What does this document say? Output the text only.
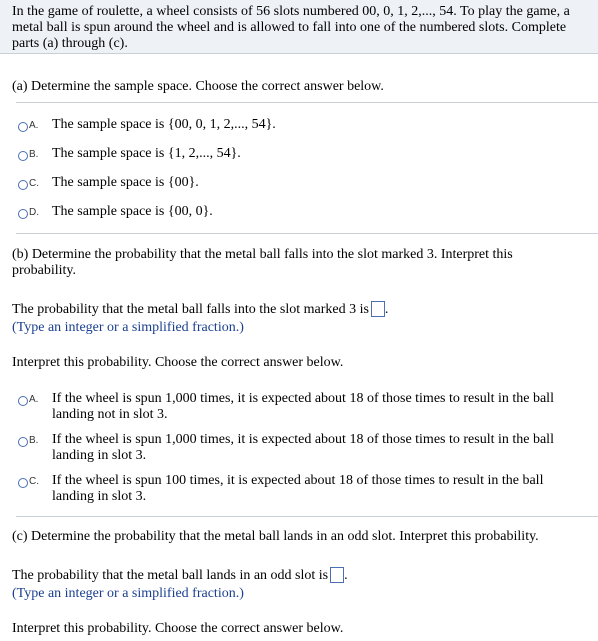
In the game of roulette, a wheel consists of 56 slots numbered 00, 0, 1, 2,..., 54. To play the game, a metal ball is spun around the wheel and is allowed to fall into one of the numbered slots. Complete parts (a) through (c).
(a) Determine the sample space. Choose the correct answer below.
A. The sample space is {00, 0, 1, 2,..., 54}.
B. The sample space is {1, 2,..., 54}.
C. The sample space is {00}.
D. The sample space is {00, 0}.
(b) Determine the probability that the metal ball falls into the slot marked 3. Interpret this probability.
The probability that the metal ball falls into the slot marked 3 is .
(Type an integer or a simplified fraction.)
Interpret this probability. Choose the correct answer below.
A. If the wheel is spun 1,000 times, it is expected about 18 of those times to result in the ball landing not in slot 3.
B. If the wheel is spun 1,000 times, it is expected about 18 of those times to result in the ball landing in slot 3.
C. If the wheel is spun 100 times, it is expected about 18 of those times to result in the ball landing in slot 3.
(c) Determine the probability that the metal ball lands in an odd slot. Interpret this probability.
The probability that the metal ball lands in an odd slot is .
(Type an integer or a simplified fraction.)
Interpret this probability. Choose the correct answer below.
